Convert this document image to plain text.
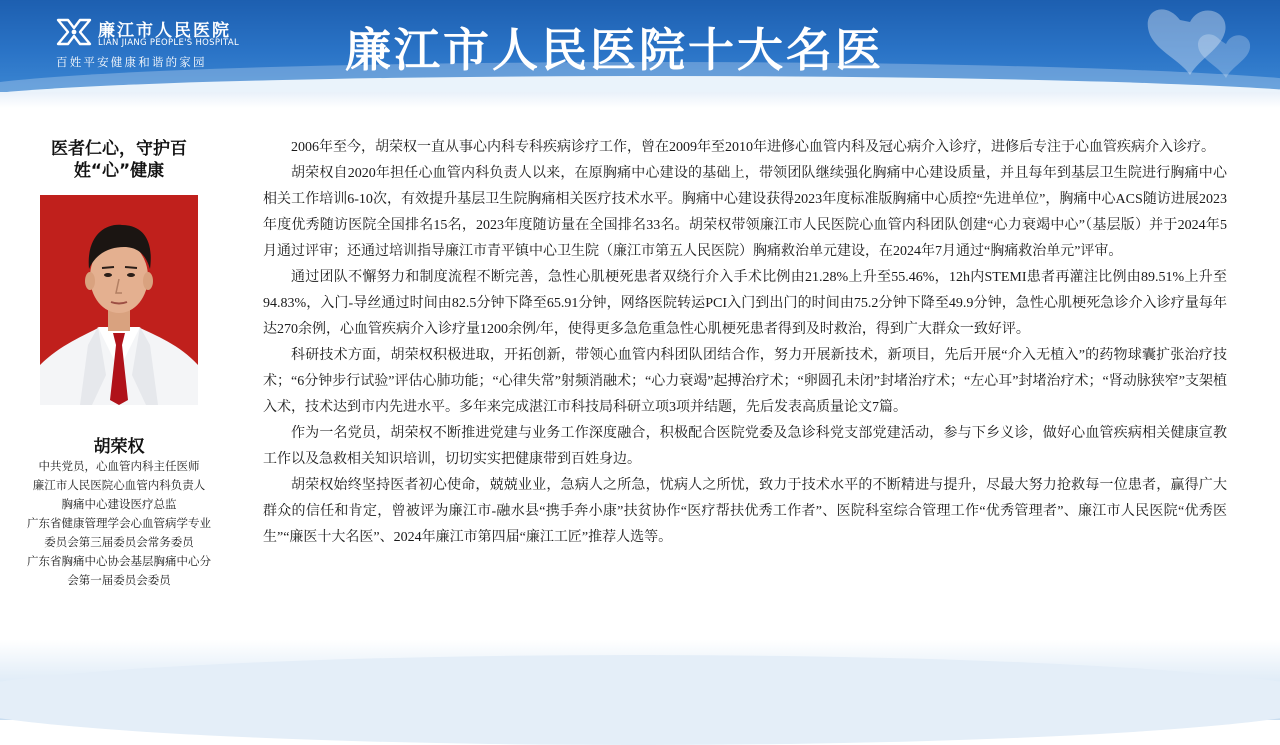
廉江市人民医院
LIAN JIANG PEOPLE'S HOSPITAL
百姓平安健康和谐的家园	廉江市人民医院十大名医
医者仁心，守护百
姓“心”健康
胡荣权
中共党员，心血管内科主任医师
廉江市人民医院心血管内科负责人
胸痛中心建设医疗总监
广东省健康管理学会心血管病学专业
委员会第三届委员会常务委员
广东省胸痛中心协会基层胸痛中心分
会第一届委员会委员

2006年至今，胡荣权一直从事心内科专科疾病诊疗工作，曾在2009年至2010年进修心血管内科及冠心病介入诊疗，进修后专注于心血管疾病介入诊疗。

胡荣权自2020年担任心血管内科负责人以来，在原胸痛中心建设的基础上，带领团队继续强化胸痛中心建设质量，并且每年到基层卫生院进行胸痛中心相关工作培训6-10次，有效提升基层卫生院胸痛相关医疗技术水平。胸痛中心建设获得2023年度标准版胸痛中心质控“先进单位”，胸痛中心ACS随访进展2023年度优秀随访医院全国排名15名，2023年度随访量在全国排名33名。胡荣权带领廉江市人民医院心血管内科团队创建“心力衰竭中心”（基层版）并于2024年5月通过评审；还通过培训指导廉江市青平镇中心卫生院（廉江市第五人民医院）胸痛救治单元建设，在2024年7月通过“胸痛救治单元”评审。

通过团队不懈努力和制度流程不断完善，急性心肌梗死患者双绕行介入手术比例由21.28%上升至55.46%，12h内STEMI患者再灌注比例由89.51%上升至94.83%，入门-导丝通过时间由82.5分钟下降至65.91分钟，网络医院转运PCI入门到出门的时间由75.2分钟下降至49.9分钟，急性心肌梗死急诊介入诊疗量每年达270余例，心血管疾病介入诊疗量1200余例/年，使得更多急危重急性心肌梗死患者得到及时救治，得到广大群众一致好评。

科研技术方面，胡荣权积极进取，开拓创新，带领心血管内科团队团结合作，努力开展新技术，新项目，先后开展“介入无植入”的药物球囊扩张治疗技术；“6分钟步行试验”评估心肺功能；“心律失常”射频消融术；“心力衰竭”起搏治疗术；“卵圆孔未闭”封堵治疗术；“左心耳”封堵治疗术；“肾动脉狭窄”支架植入术，技术达到市内先进水平。多年来完成湛江市科技局科研立项3项并结题，先后发表高质量论文7篇。

作为一名党员，胡荣权不断推进党建与业务工作深度融合，积极配合医院党委及急诊科党支部党建活动，参与下乡义诊，做好心血管疾病相关健康宣教工作以及急救相关知识培训，切切实实把健康带到百姓身边。

胡荣权始终坚持医者初心使命，兢兢业业，急病人之所急，忧病人之所忧，致力于技术水平的不断精进与提升，尽最大努力抢救每一位患者，赢得广大群众的信任和肯定，曾被评为廉江市-融水县“携手奔小康”扶贫协作“医疗帮扶优秀工作者”、医院科室综合管理工作“优秀管理者”、廉江市人民医院“优秀医生”“廉医十大名医”、2024年廉江市第四届“廉江工匠”推荐人选等。
